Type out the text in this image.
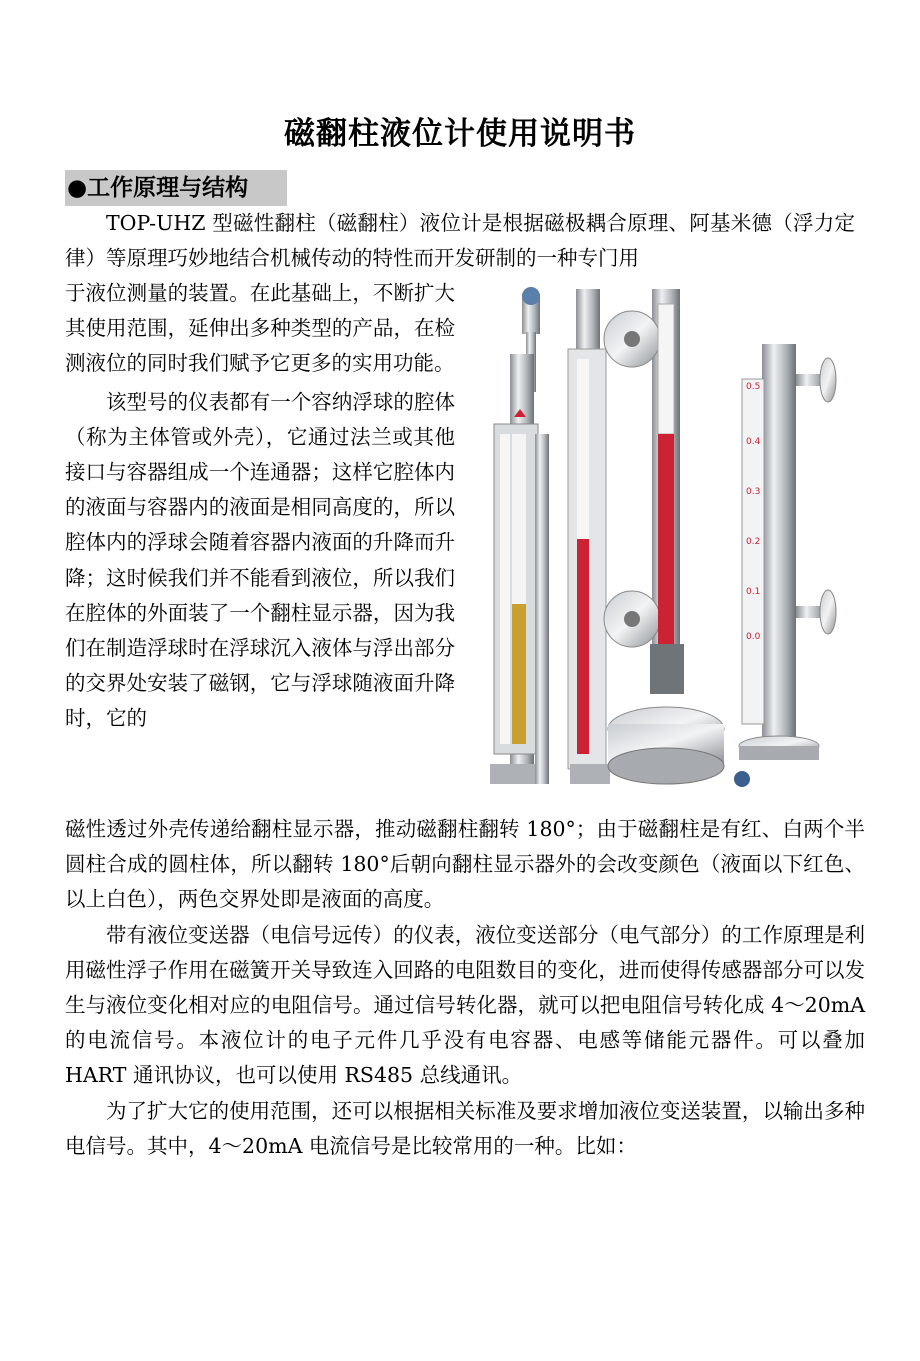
磁翻柱液位计使用说明书
●工作原理与结构

TOP-UHZ 型磁性翻柱（磁翻柱）液位计是根据磁极耦合原理、阿基米德（浮力定律）等原理巧妙地结合机械传动的特性而开发研制的一种专门用

于液位测量的装置。在此基础上，不断扩大其使用范围，延伸出多种类型的产品，在检测液位的同时我们赋予它更多的实用功能。

该型号的仪表都有一个容纳浮球的腔体（称为主体管或外壳），它通过法兰或其他接口与容器组成一个连通器；这样它腔体内的液面与容器内的液面是相同高度的，所以腔体内的浮球会随着容器内液面的升降而升降；这时候我们并不能看到液位，所以我们在腔体的外面装了一个翻柱显示器，因为我们在制造浮球时在浮球沉入液体与浮出部分的交界处安装了磁钢，它与浮球随液面升降时，它的

磁性透过外壳传递给翻柱显示器，推动磁翻柱翻转 180°；由于磁翻柱是有红、白两个半圆柱合成的圆柱体，所以翻转 180°后朝向翻柱显示器外的会改变颜色（液面以下红色、以上白色），两色交界处即是液面的高度。

带有液位变送器（电信号远传）的仪表，液位变送部分（电气部分）的工作原理是利用磁性浮子作用在磁簧开关导致连入回路的电阻数目的变化，进而使得传感器部分可以发生与液位变化相对应的电阻信号。通过信号转化器，就可以把电阻信号转化成 4～20mA 的电流信号。本液位计的电子元件几乎没有电容器、电感等储能元器件。可以叠加 HART 通讯协议，也可以使用 RS485 总线通讯。

为了扩大它的使用范围，还可以根据相关标准及要求增加液位变送装置，以输出多种电信号。其中，4～20mA 电流信号是比较常用的一种。比如：

0.5
0.4
0.3
0.2
0.1
0.0
